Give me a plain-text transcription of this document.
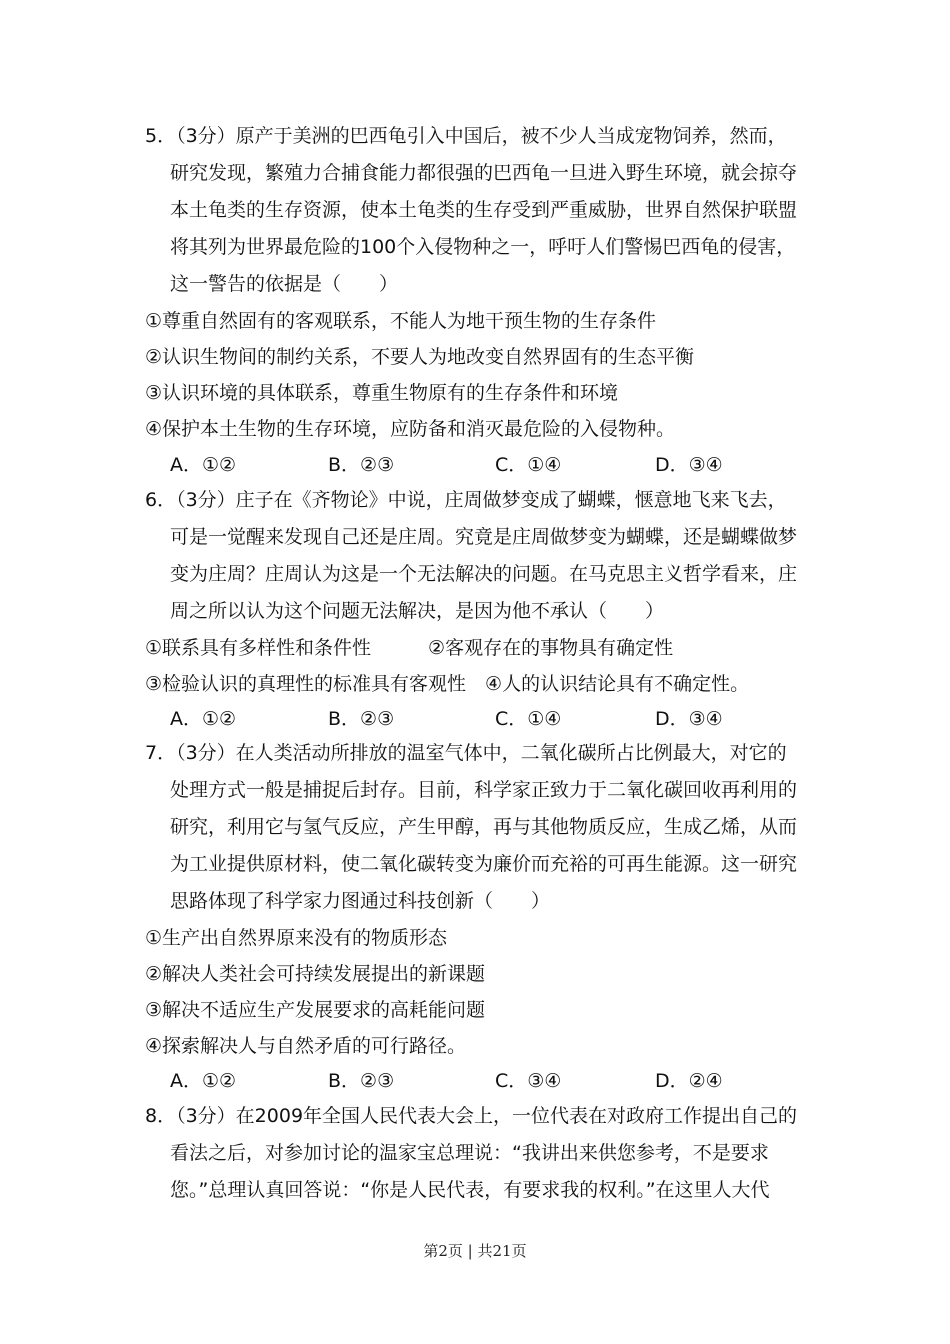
5．（3分）原产于美洲的巴西龟引入中国后，被不少人当成宠物饲养，然而，
研究发现，繁殖力合捕食能力都很强的巴西龟一旦进入野生环境，就会掠夺
本土龟类的生存资源，使本土龟类的生存受到严重威胁，世界自然保护联盟
将其列为世界最危险的100个入侵物种之一，呼吁人们警惕巴西龟的侵害，
这一警告的依据是（　　）
①尊重自然固有的客观联系，不能人为地干预生物的生存条件
②认识生物间的制约关系，不要人为地改变自然界固有的生态平衡
③认识环境的具体联系，尊重生物原有的生存条件和环境
④保护本土生物的生存环境，应防备和消灭最危险的入侵物种。
A．①②	B．②③	C．①④	D．③④
6．（3分）庄子在《齐物论》中说，庄周做梦变成了蝴蝶，惬意地飞来飞去，
可是一觉醒来发现自己还是庄周。究竟是庄周做梦变为蝴蝶，还是蝴蝶做梦
变为庄周？庄周认为这是一个无法解决的问题。在马克思主义哲学看来，庄
周之所以认为这个问题无法解决，是因为他不承认（　　）
①联系具有多样性和条件性　　　②客观存在的事物具有确定性
③检验认识的真理性的标准具有客观性　④人的认识结论具有不确定性。
A．①②	B．②③	C．①④	D．③④
7．（3分）在人类活动所排放的温室气体中，二氧化碳所占比例最大，对它的
处理方式一般是捕捉后封存。目前，科学家正致力于二氧化碳回收再利用的
研究，利用它与氢气反应，产生甲醇，再与其他物质反应，生成乙烯，从而
为工业提供原材料，使二氧化碳转变为廉价而充裕的可再生能源。这一研究
思路体现了科学家力图通过科技创新（　　）
①生产出自然界原来没有的物质形态
②解决人类社会可持续发展提出的新课题
③解决不适应生产发展要求的高耗能问题
④探索解决人与自然矛盾的可行路径。
A．①②	B．②③	C．③④	D．②④
8．（3分）在2009年全国人民代表大会上，一位代表在对政府工作提出自己的
看法之后，对参加讨论的温家宝总理说：“我讲出来供您参考，不是要求
您。”总理认真回答说：“你是人民代表，有要求我的权利。”在这里人大代
第2页 | 共21页
